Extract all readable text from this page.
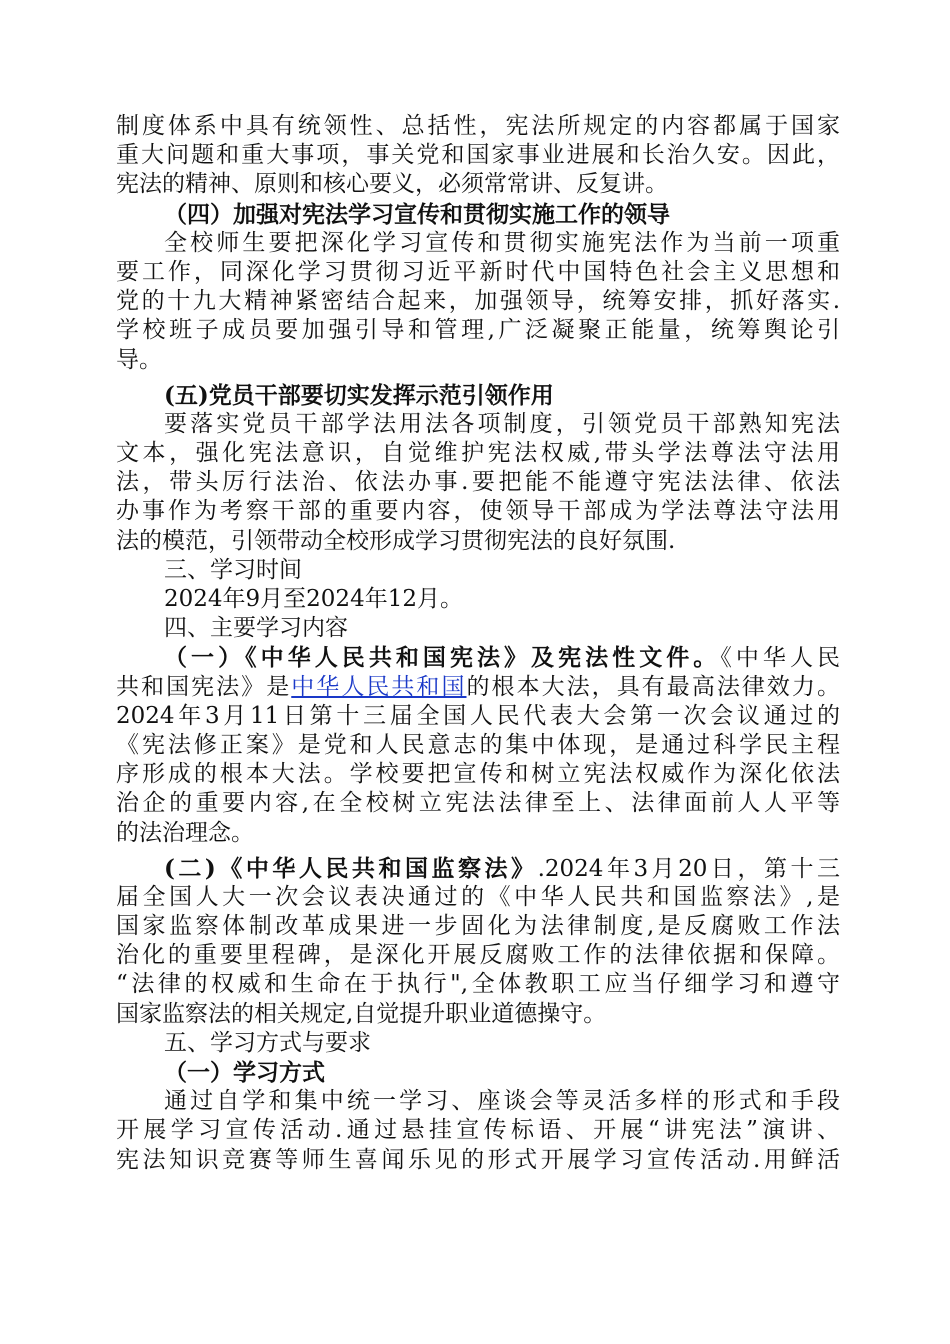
制度体系中具有统领性、总括性，宪法所规定的内容都属于国家
重大问题和重大事项，事关党和国家事业进展和长治久安。因此，
宪法的精神、原则和核心要义，必须常常讲、反复讲。
（四）加强对宪法学习宣传和贯彻实施工作的领导
全校师生要把深化学习宣传和贯彻实施宪法作为当前一项重
要工作，同深化学习贯彻习近平新时代中国特色社会主义思想和
党的十九大精神紧密结合起来，加强领导，统筹安排，抓好落实.
学校班子成员要加强引导和管理,广泛凝聚正能量，统筹舆论引
导。
(五)党员干部要切实发挥示范引领作用
要落实党员干部学法用法各项制度，引领党员干部熟知宪法
文本，强化宪法意识，自觉维护宪法权威,带头学法尊法守法用
法，带头厉行法治、依法办事.要把能不能遵守宪法法律、依法
办事作为考察干部的重要内容，使领导干部成为学法尊法守法用
法的模范，引领带动全校形成学习贯彻宪法的良好氛围.
三、学习时间
2024年9月至2024年12月。
四、主要学习内容
（一）《中华人民共和国宪法》及宪法性文件。《中华人民
共和国宪法》是中华人民共和国的根本大法，具有最高法律效力。
2024年3月11日第十三届全国人民代表大会第一次会议通过的
《宪法修正案》是党和人民意志的集中体现，是通过科学民主程
序形成的根本大法。学校要把宣传和树立宪法权威作为深化依法
治企的重要内容,在全校树立宪法法律至上、法律面前人人平等
的法治理念。
(二)《中华人民共和国监察法》.2024年3月20日，第十三
届全国人大一次会议表决通过的《中华人民共和国监察法》,是
国家监察体制改革成果进一步固化为法律制度,是反腐败工作法
治化的重要里程碑，是深化开展反腐败工作的法律依据和保障。
“法律的权威和生命在于执行",全体教职工应当仔细学习和遵守
国家监察法的相关规定,自觉提升职业道德操守。
五、学习方式与要求
（一）学习方式
通过自学和集中统一学习、座谈会等灵活多样的形式和手段
开展学习宣传活动.通过悬挂宣传标语、开展“讲宪法”演讲、
宪法知识竞赛等师生喜闻乐见的形式开展学习宣传活动.用鲜活
